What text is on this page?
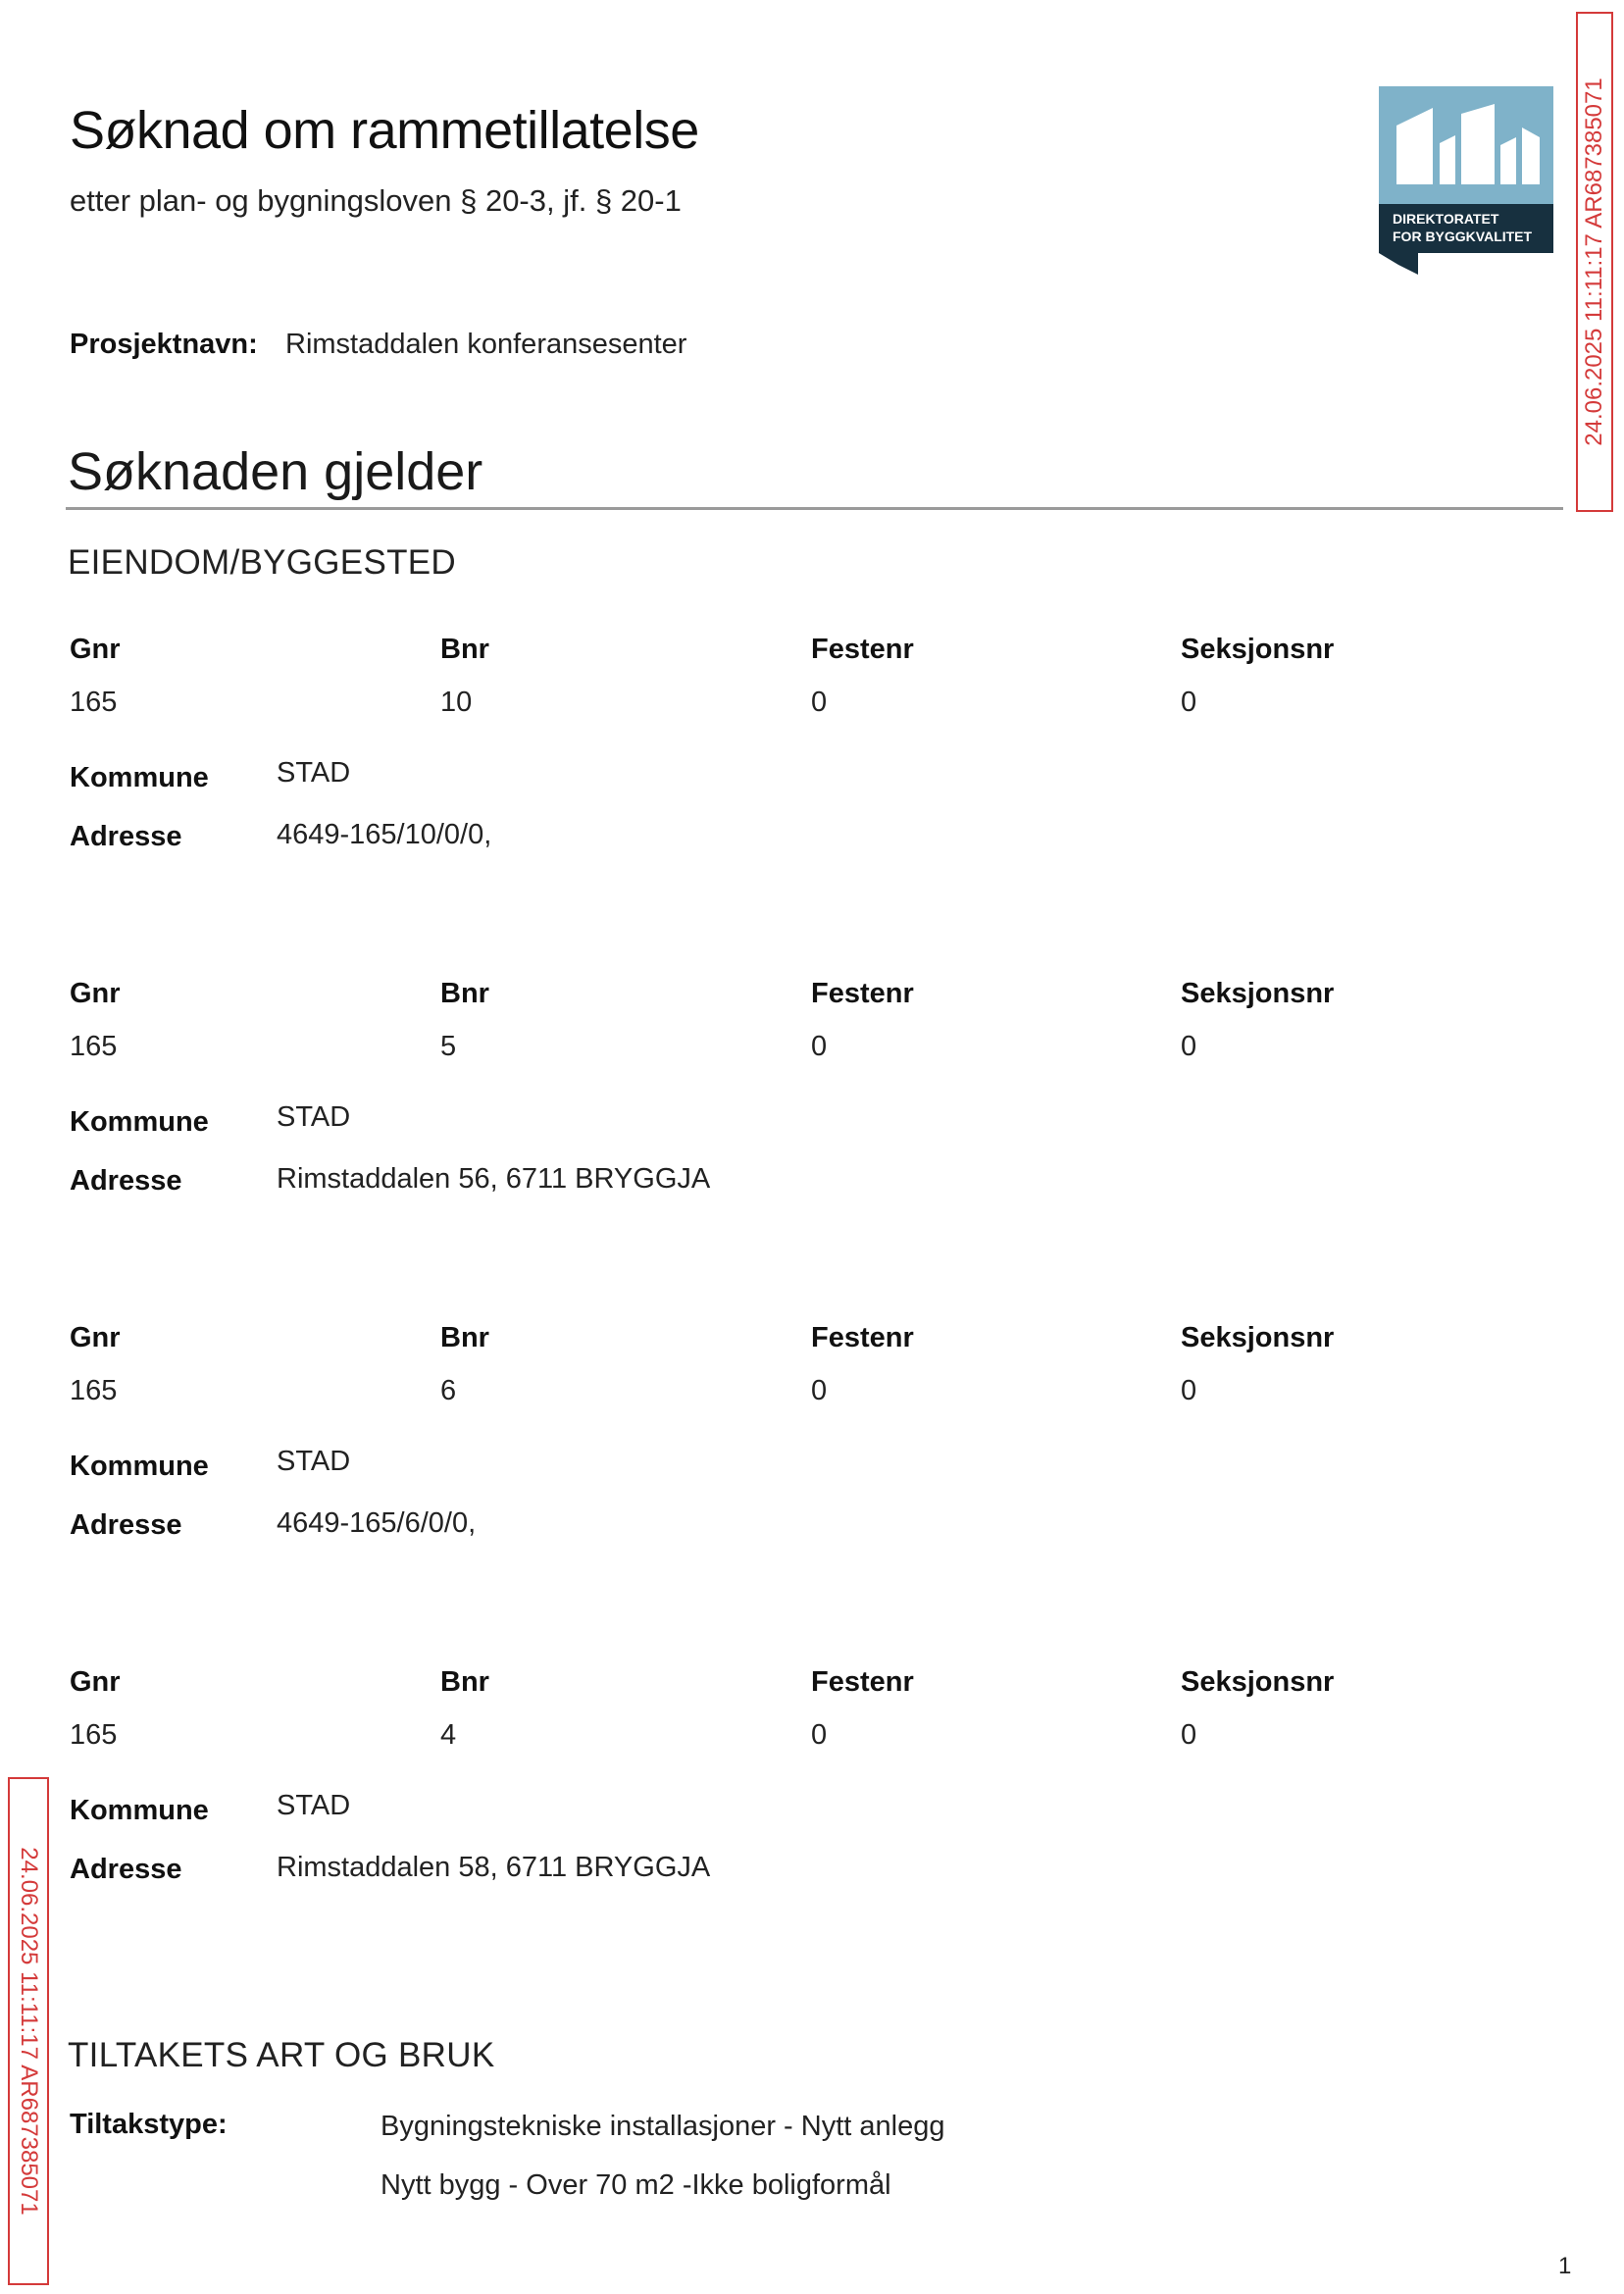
Søknad om rammetillatelse
etter plan- og bygningsloven § 20-3, jf. § 20-1
DIREKTORATET
FOR BYGGKVALITET
Prosjektnavn: Rimstaddalen konferansesenter
Søknaden gjelder
EIENDOM/BYGGESTED
Gnr	Bnr	Festenr	Seksjonsnr
165	10	0	0
Kommune STAD
Adresse	4649-165/10/0/0,
Gnr	Bnr	Festenr	Seksjonsnr
165	5	0	0
Kommune STAD
Adresse	Rimstaddalen 56, 6711 BRYGGJA
Gnr	Bnr	Festenr	Seksjonsnr
165	6	0	0
Kommune STAD
Adresse	4649-165/6/0/0,
Gnr	Bnr	Festenr	Seksjonsnr
165	4	0	0
Kommune STAD
Adresse	Rimstaddalen 58, 6711 BRYGGJA
TILTAKETS ART OG BRUK
Tiltakstype:	Bygningstekniske installasjoner - Nytt anlegg
Nytt bygg - Over 70 m2 -Ikke boligformål
24.06.2025 11:11:17 AR687385071
24.06.2025 11:11:17 AR687385071
1
